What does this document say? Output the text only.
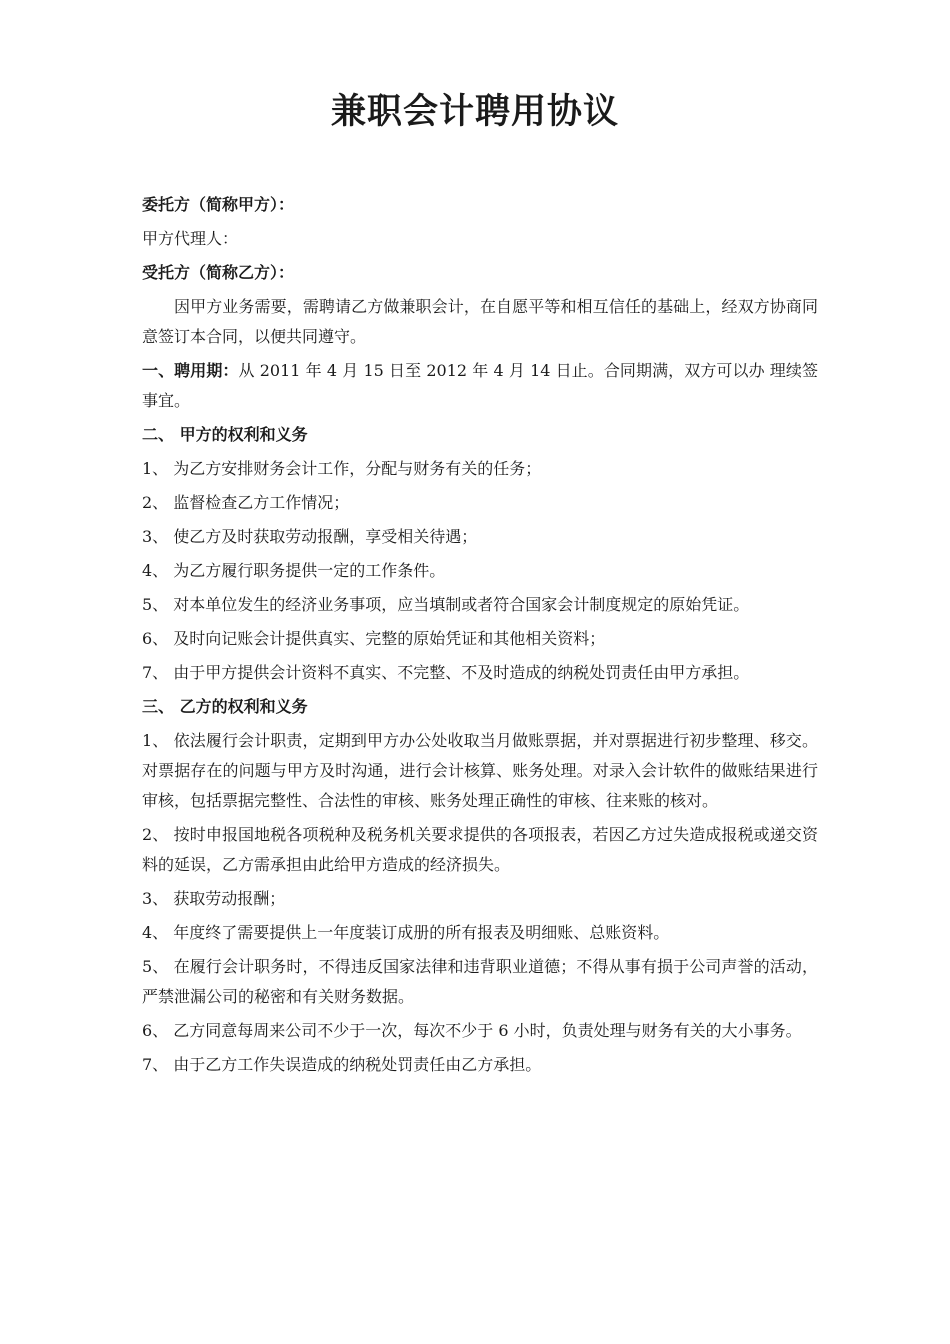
兼职会计聘用协议

委托方（简称甲方）：

甲方代理人：

受托方（简称乙方）：

因甲方业务需要，需聘请乙方做兼职会计，在自愿平等和相互信任的基础上，经双方协商同意签订本合同，以便共同遵守。

一、聘用期：从 2011 年 4 月 15 日至 2012 年 4 月 14 日止。合同期满，双方可以办 理续签事宜。

二、 甲方的权利和义务

1、 为乙方安排财务会计工作，分配与财务有关的任务；

2、 监督检查乙方工作情况；

3、 使乙方及时获取劳动报酬，享受相关待遇；

4、 为乙方履行职务提供一定的工作条件。

5、 对本单位发生的经济业务事项，应当填制或者符合国家会计制度规定的原始凭证。

6、 及时向记账会计提供真实、完整的原始凭证和其他相关资料；

7、 由于甲方提供会计资料不真实、不完整、不及时造成的纳税处罚责任由甲方承担。

三、 乙方的权利和义务

1、 依法履行会计职责，定期到甲方办公处收取当月做账票据，并对票据进行初步整理、移交。对票据存在的问题与甲方及时沟通，进行会计核算、账务处理。对录入会计软件的做账结果进行审核，包括票据完整性、合法性的审核、账务处理正确性的审核、往来账的核对。

2、 按时申报国地税各项税种及税务机关要求提供的各项报表，若因乙方过失造成报税或递交资料的延误，乙方需承担由此给甲方造成的经济损失。

3、 获取劳动报酬；

4、 年度终了需要提供上一年度装订成册的所有报表及明细账、总账资料。

5、 在履行会计职务时，不得违反国家法律和违背职业道德；不得从事有损于公司声誉的活动，严禁泄漏公司的秘密和有关财务数据。

6、 乙方同意每周来公司不少于一次，每次不少于 6 小时，负责处理与财务有关的大小事务。

7、 由于乙方工作失误造成的纳税处罚责任由乙方承担。
